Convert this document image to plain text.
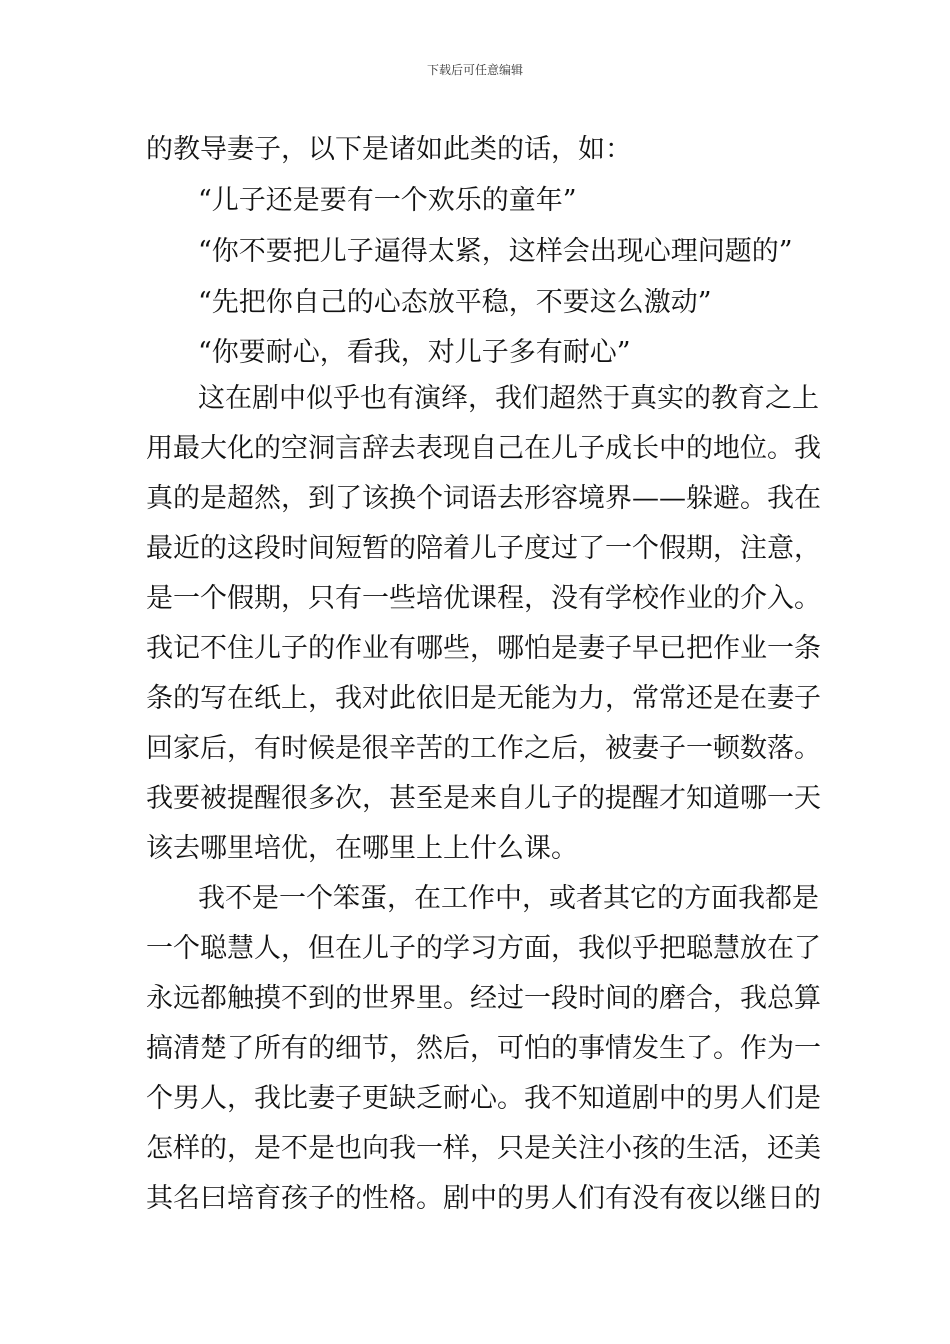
下载后可任意编辑
的教导妻子，以下是诸如此类的话，如：
“儿子还是要有一个欢乐的童年”
“你不要把儿子逼得太紧，这样会出现心理问题的”
“先把你自己的心态放平稳，不要这么激动”
“你要耐心，看我，对儿子多有耐心”
这在剧中似乎也有演绎，我们超然于真实的教育之上
用最大化的空洞言辞去表现自己在儿子成长中的地位。我
真的是超然，到了该换个词语去形容境界——躲避。我在
最近的这段时间短暂的陪着儿子度过了一个假期，注意，
是一个假期，只有一些培优课程，没有学校作业的介入。
我记不住儿子的作业有哪些，哪怕是妻子早已把作业一条
条的写在纸上，我对此依旧是无能为力，常常还是在妻子
回家后，有时候是很辛苦的工作之后，被妻子一顿数落。
我要被提醒很多次，甚至是来自儿子的提醒才知道哪一天
该去哪里培优，在哪里上上什么课。
我不是一个笨蛋，在工作中，或者其它的方面我都是
一个聪慧人，但在儿子的学习方面，我似乎把聪慧放在了
永远都触摸不到的世界里。经过一段时间的磨合，我总算
搞清楚了所有的细节，然后，可怕的事情发生了。作为一
个男人，我比妻子更缺乏耐心。我不知道剧中的男人们是
怎样的，是不是也向我一样，只是关注小孩的生活，还美
其名曰培育孩子的性格。剧中的男人们有没有夜以继日的
